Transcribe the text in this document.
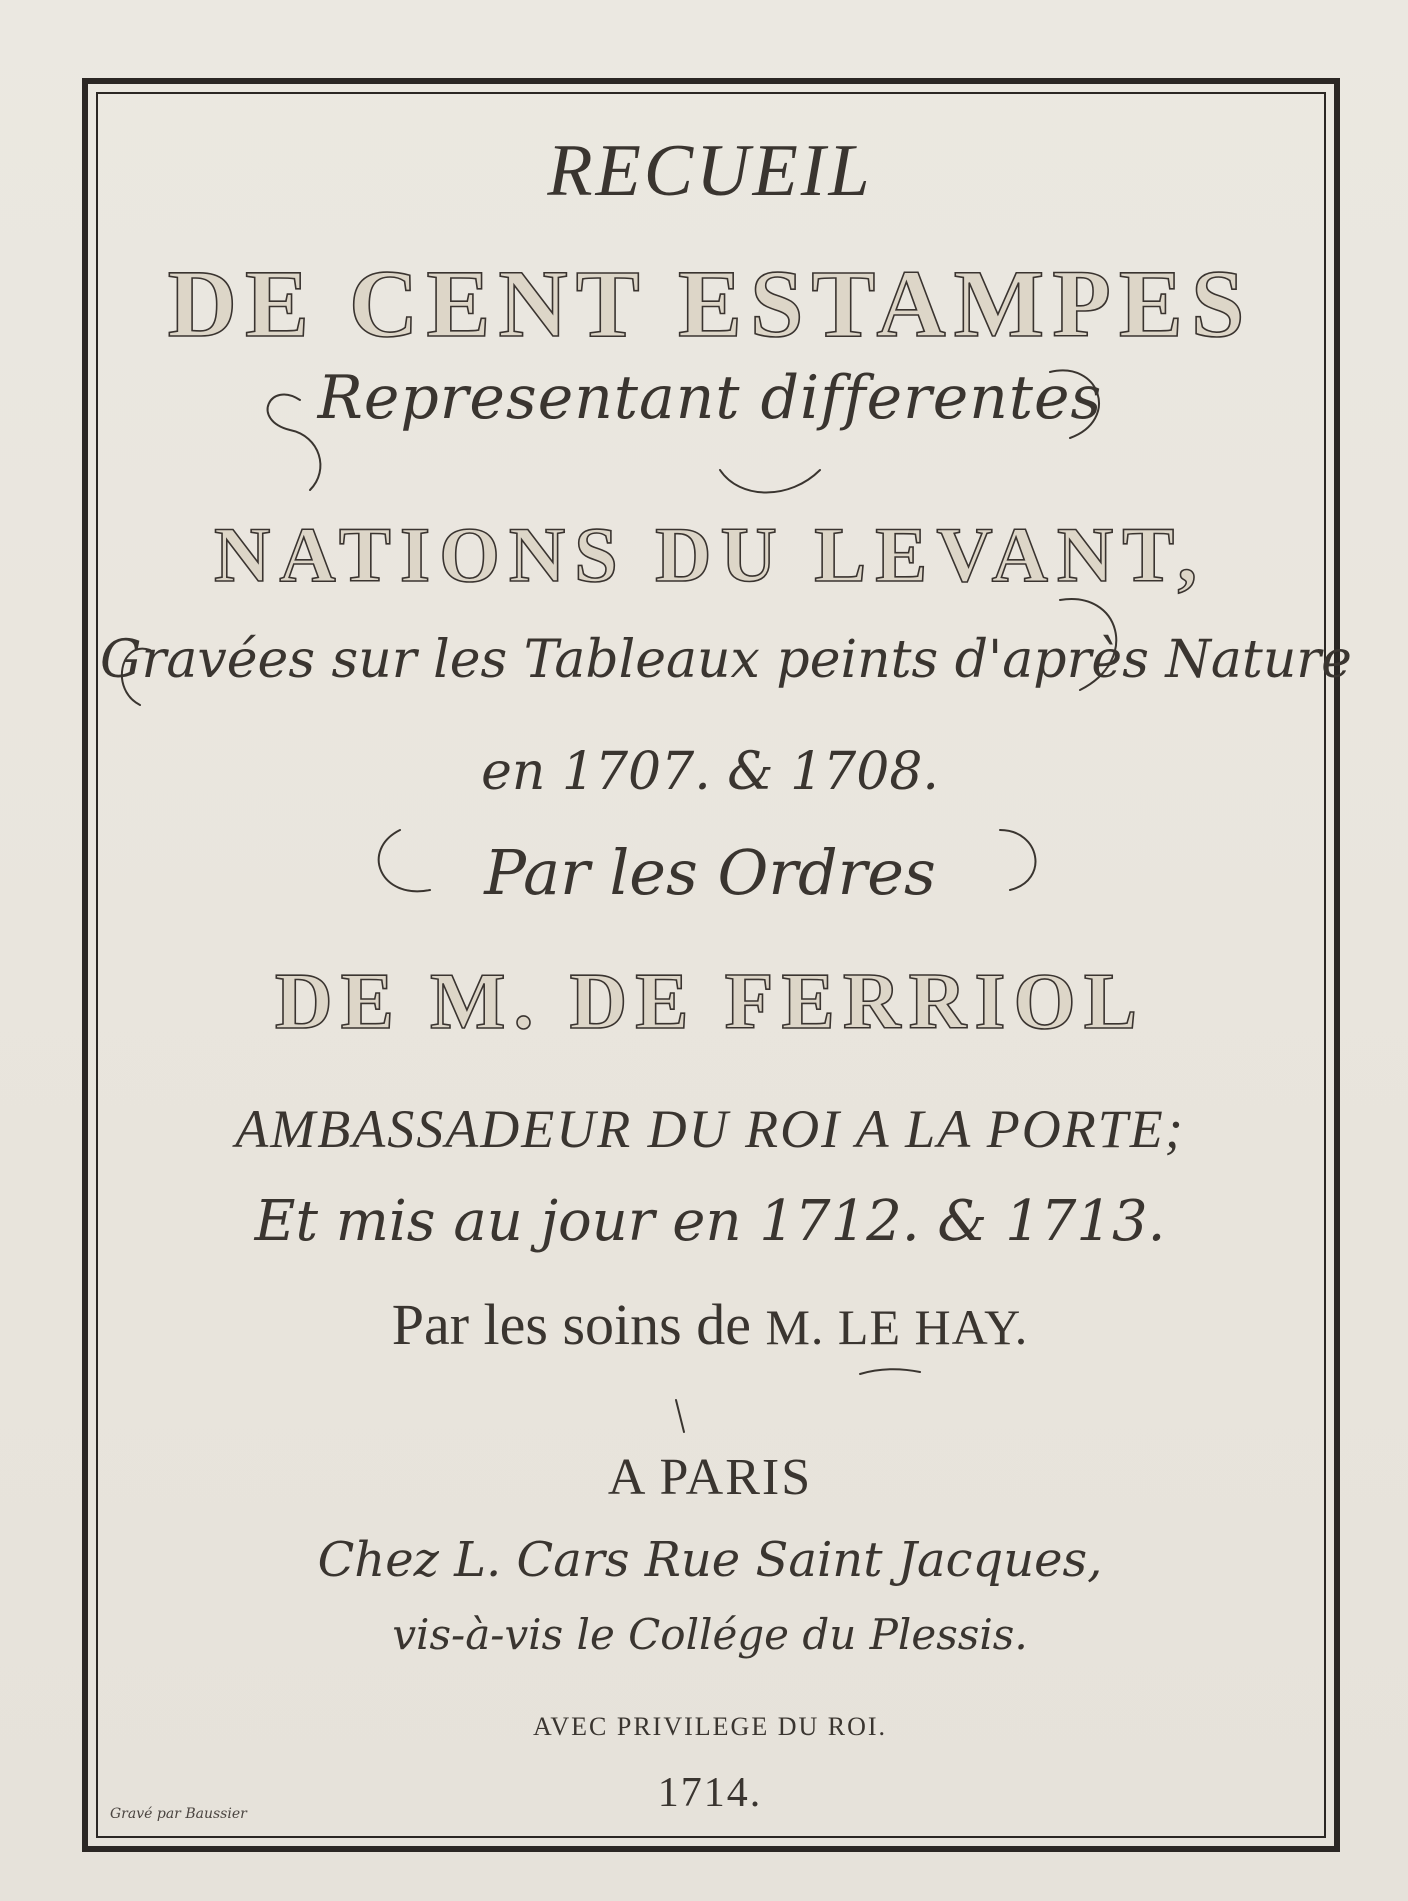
RECUEIL
DE CENT ESTAMPES
Representant differentes
NATIONS DU LEVANT,
Gravées sur les Tableaux peints d'après Nature
en 1707. & 1708.
Par les Ordres
DE M. DE FERRIOL
AMBASSADEUR DU ROI A LA PORTE;
Et mis au jour en 1712. & 1713.
Par les soins de M. LE HAY.
A PARIS
Chez L. Cars Rue Saint Jacques,
vis-à-vis le Collége du Plessis.
AVEC PRIVILEGE DU ROI.
1714.
Gravé par Baussier
